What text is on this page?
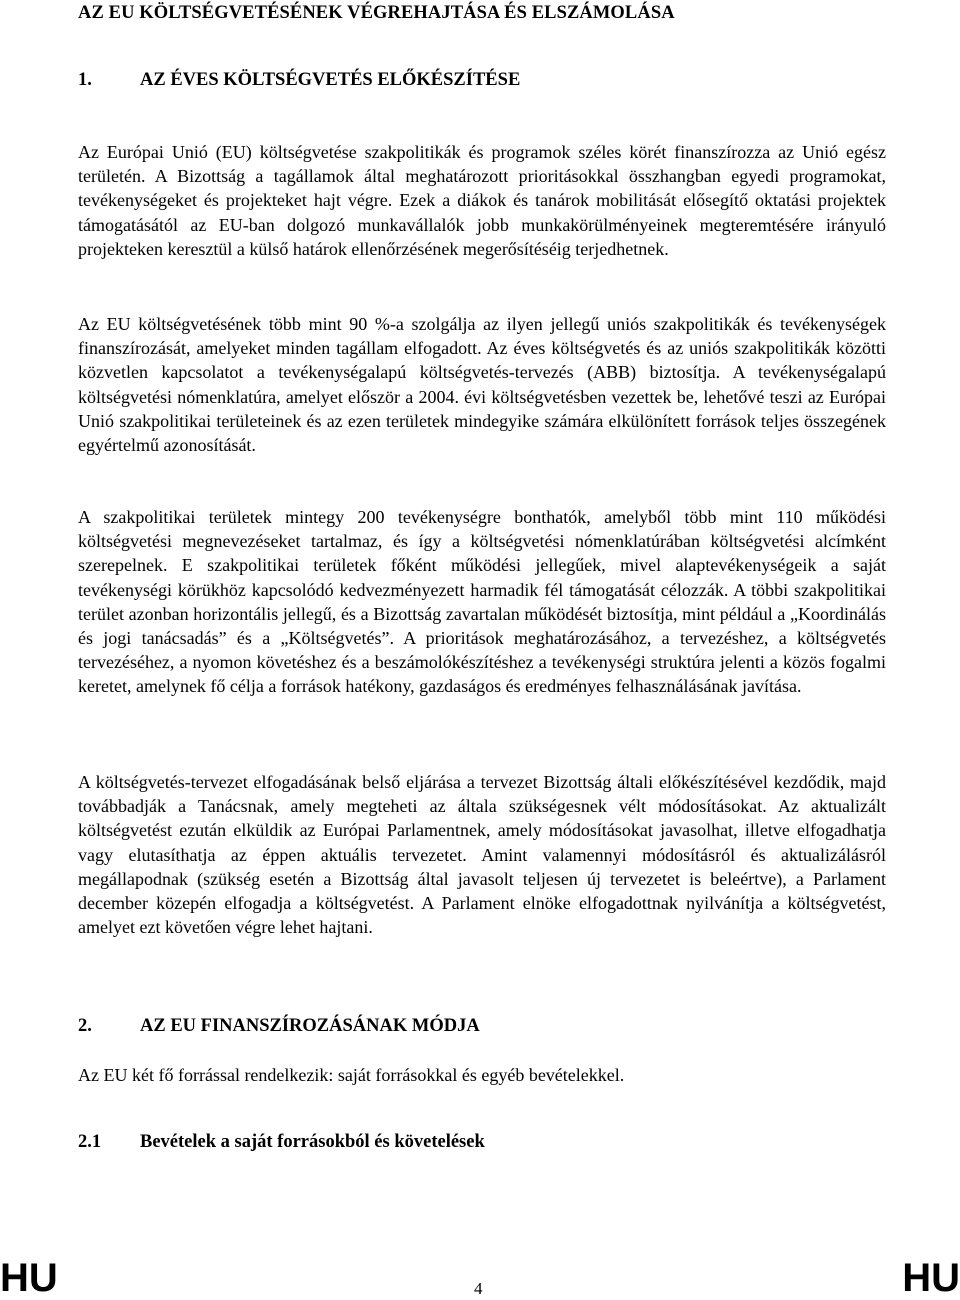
AZ EU KÖLTSÉGVETÉSÉNEK VÉGREHAJTÁSA ÉS ELSZÁMOLÁSA
1.	AZ ÉVES KÖLTSÉGVETÉS ELŐKÉSZÍTÉSE

Az Európai Unió (EU) költségvetése szakpolitikák és programok széles körét finanszírozza az Unió egész területén. A Bizottság a tagállamok által meghatározott prioritásokkal összhangban egyedi programokat, tevékenységeket és projekteket hajt végre. Ezek a diákok és tanárok mobilitását elősegítő oktatási projektek támogatásától az EU-ban dolgozó munkavállalók jobb munkakörülményeinek megteremtésére irányuló projekteken keresztül a külső határok ellenőrzésének megerősítéséig terjedhetnek.

Az EU költségvetésének több mint 90 %-a szolgálja az ilyen jellegű uniós szakpolitikák és tevékenységek finanszírozását, amelyeket minden tagállam elfogadott. Az éves költségvetés és az uniós szakpolitikák közötti közvetlen kapcsolatot a tevékenységalapú költségvetés-tervezés (ABB) biztosítja. A tevékenységalapú költségvetési nómenklatúra, amelyet először a 2004. évi költségvetésben vezettek be, lehetővé teszi az Európai Unió szakpolitikai területeinek és az ezen területek mindegyike számára elkülönített források teljes összegének egyértelmű azonosítását.

A szakpolitikai területek mintegy 200 tevékenységre bonthatók, amelyből több mint 110 működési költségvetési megnevezéseket tartalmaz, és így a költségvetési nómenklatúrában költségvetési alcímként szerepelnek. E szakpolitikai területek főként működési jellegűek, mivel alaptevékenységeik a saját tevékenységi körükhöz kapcsolódó kedvezményezett harmadik fél támogatását célozzák. A többi szakpolitikai terület azonban horizontális jellegű, és a Bizottság zavartalan működését biztosítja, mint például a „Koordinálás és jogi tanácsadás” és a „Költségvetés”. A prioritások meghatározásához, a tervezéshez, a költségvetés tervezéséhez, a nyomon követéshez és a beszámolókészítéshez a tevékenységi struktúra jelenti a közös fogalmi keretet, amelynek fő célja a források hatékony, gazdaságos és eredményes felhasználásának javítása.

A költségvetés-tervezet elfogadásának belső eljárása a tervezet Bizottság általi előkészítésével kezdődik, majd továbbadják a Tanácsnak, amely megteheti az általa szükségesnek vélt módosításokat. Az aktualizált költségvetést ezután elküldik az Európai Parlamentnek, amely módosításokat javasolhat, illetve elfogadhatja vagy elutasíthatja az éppen aktuális tervezetet. Amint valamennyi módosításról és aktualizálásról megállapodnak (szükség esetén a Bizottság által javasolt teljesen új tervezetet is beleértve), a Parlament december közepén elfogadja a költségvetést. A Parlament elnöke elfogadottnak nyilvánítja a költségvetést, amelyet ezt követően végre lehet hajtani.

2.	AZ EU FINANSZÍROZÁSÁNAK MÓDJA

Az EU két fő forrással rendelkezik: saját forrásokkal és egyéb bevételekkel.

2.1 Bevételek a saját forrásokból és követelések
HU	4	HU
